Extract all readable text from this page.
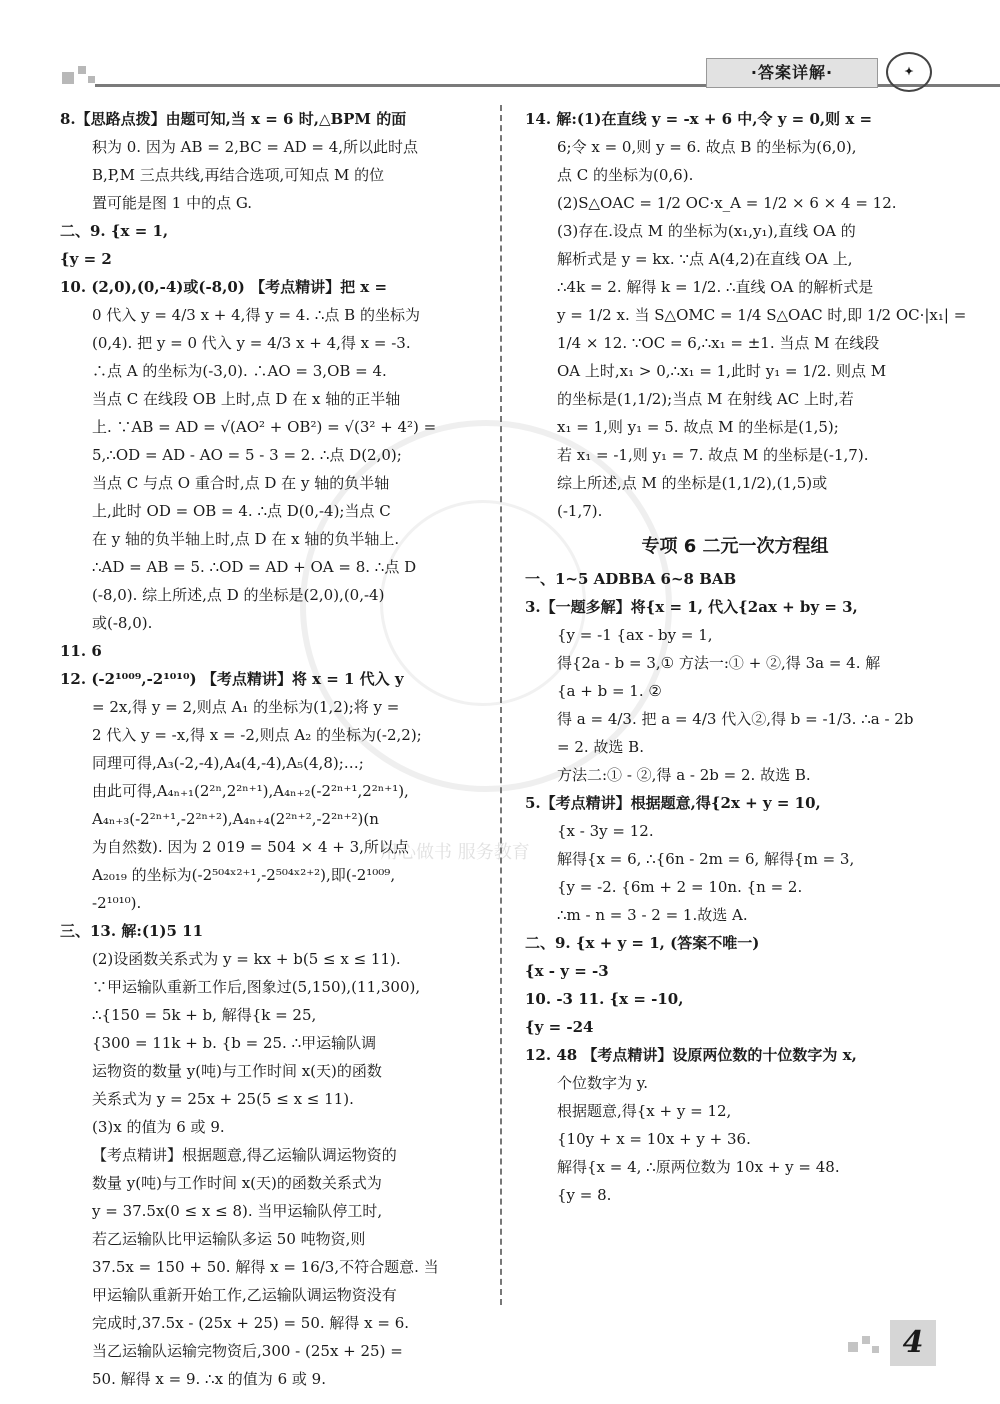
·答案详解·	✦
用心做书 服务教育
8.【思路点拨】由题可知,当 x = 6 时,△BPM 的面
积为 0. 因为 AB = 2,BC = AD = 4,所以此时点
B,P,M 三点共线,再结合选项,可知点 M 的位
置可能是图 1 中的点 G.
二、9. {x = 1,
{y = 2
10. (2,0),(0,-4)或(-8,0) 【考点精讲】把 x =
0 代入 y = 4/3 x + 4,得 y = 4. ∴点 B 的坐标为
(0,4). 把 y = 0 代入 y = 4/3 x + 4,得 x = -3.
∴点 A 的坐标为(-3,0). ∴AO = 3,OB = 4.
当点 C 在线段 OB 上时,点 D 在 x 轴的正半轴
上. ∵AB = AD = √(AO² + OB²) = √(3² + 4²) =
5,∴OD = AD - AO = 5 - 3 = 2. ∴点 D(2,0);
当点 C 与点 O 重合时,点 D 在 y 轴的负半轴
上,此时 OD = OB = 4. ∴点 D(0,-4);当点 C
在 y 轴的负半轴上时,点 D 在 x 轴的负半轴上.
∴AD = AB = 5. ∴OD = AD + OA = 8. ∴点 D
(-8,0). 综上所述,点 D 的坐标是(2,0),(0,-4)
或(-8,0).
11. 6
12. (-2¹⁰⁰⁹,-2¹⁰¹⁰) 【考点精讲】将 x = 1 代入 y
= 2x,得 y = 2,则点 A₁ 的坐标为(1,2);将 y =
2 代入 y = -x,得 x = -2,则点 A₂ 的坐标为(-2,2);
同理可得,A₃(-2,-4),A₄(4,-4),A₅(4,8);…;
由此可得,A₄ₙ₊₁(2²ⁿ,2²ⁿ⁺¹),A₄ₙ₊₂(-2²ⁿ⁺¹,2²ⁿ⁺¹),
A₄ₙ₊₃(-2²ⁿ⁺¹,-2²ⁿ⁺²),A₄ₙ₊₄(2²ⁿ⁺²,-2²ⁿ⁺²)(n
为自然数). 因为 2 019 = 504 × 4 + 3,所以点
A₂₀₁₉ 的坐标为(-2⁵⁰⁴ˣ²⁺¹,-2⁵⁰⁴ˣ²⁺²),即(-2¹⁰⁰⁹,
-2¹⁰¹⁰).
三、13. 解:(1)5 11
(2)设函数关系式为 y = kx + b(5 ≤ x ≤ 11).
∵甲运输队重新工作后,图象过(5,150),(11,300),
∴{150 = 5k + b, 解得{k = 25,
{300 = 11k + b. {b = 25. ∴甲运输队调
运物资的数量 y(吨)与工作时间 x(天)的函数
关系式为 y = 25x + 25(5 ≤ x ≤ 11).
(3)x 的值为 6 或 9.
【考点精讲】根据题意,得乙运输队调运物资的
数量 y(吨)与工作时间 x(天)的函数关系式为
y = 37.5x(0 ≤ x ≤ 8). 当甲运输队停工时,
若乙运输队比甲运输队多运 50 吨物资,则
37.5x = 150 + 50. 解得 x = 16/3,不符合题意. 当
甲运输队重新开始工作,乙运输队调运物资没有
完成时,37.5x - (25x + 25) = 50. 解得 x = 6.
当乙运输队运输完物资后,300 - (25x + 25) =
50. 解得 x = 9. ∴x 的值为 6 或 9.
14. 解:(1)在直线 y = -x + 6 中,令 y = 0,则 x =
6;令 x = 0,则 y = 6. 故点 B 的坐标为(6,0),
点 C 的坐标为(0,6).
(2)S△OAC = 1/2 OC·x_A = 1/2 × 6 × 4 = 12.
(3)存在.设点 M 的坐标为(x₁,y₁),直线 OA 的
解析式是 y = kx. ∵点 A(4,2)在直线 OA 上,
∴4k = 2. 解得 k = 1/2. ∴直线 OA 的解析式是
y = 1/2 x. 当 S△OMC = 1/4 S△OAC 时,即 1/2 OC·|x₁| =
1/4 × 12. ∵OC = 6,∴x₁ = ±1. 当点 M 在线段
OA 上时,x₁ > 0,∴x₁ = 1,此时 y₁ = 1/2. 则点 M
的坐标是(1,1/2);当点 M 在射线 AC 上时,若
x₁ = 1,则 y₁ = 5. 故点 M 的坐标是(1,5);
若 x₁ = -1,则 y₁ = 7. 故点 M 的坐标是(-1,7).
综上所述,点 M 的坐标是(1,1/2),(1,5)或
(-1,7).
专项 6 二元一次方程组
一、1~5 ADBBA 6~8 BAB
3.【一题多解】将{x = 1, 代入{2ax + by = 3,
{y = -1 {ax - by = 1,
得{2a - b = 3,① 方法一:① + ②,得 3a = 4. 解
{a + b = 1. ②
得 a = 4/3. 把 a = 4/3 代入②,得 b = -1/3. ∴a - 2b
= 2. 故选 B.
方法二:① - ②,得 a - 2b = 2. 故选 B.
5.【考点精讲】根据题意,得{2x + y = 10,
{x - 3y = 12.
解得{x = 6, ∴{6n - 2m = 6, 解得{m = 3,
{y = -2. {6m + 2 = 10n. {n = 2.
∴m - n = 3 - 2 = 1.故选 A.
二、9. {x + y = 1, (答案不唯一)
{x - y = -3
10. -3 11. {x = -10,
{y = -24
12. 48 【考点精讲】设原两位数的十位数字为 x,
个位数字为 y.
根据题意,得{x + y = 12,
{10y + x = 10x + y + 36.
解得{x = 4, ∴原两位数为 10x + y = 48.
{y = 8.
4
